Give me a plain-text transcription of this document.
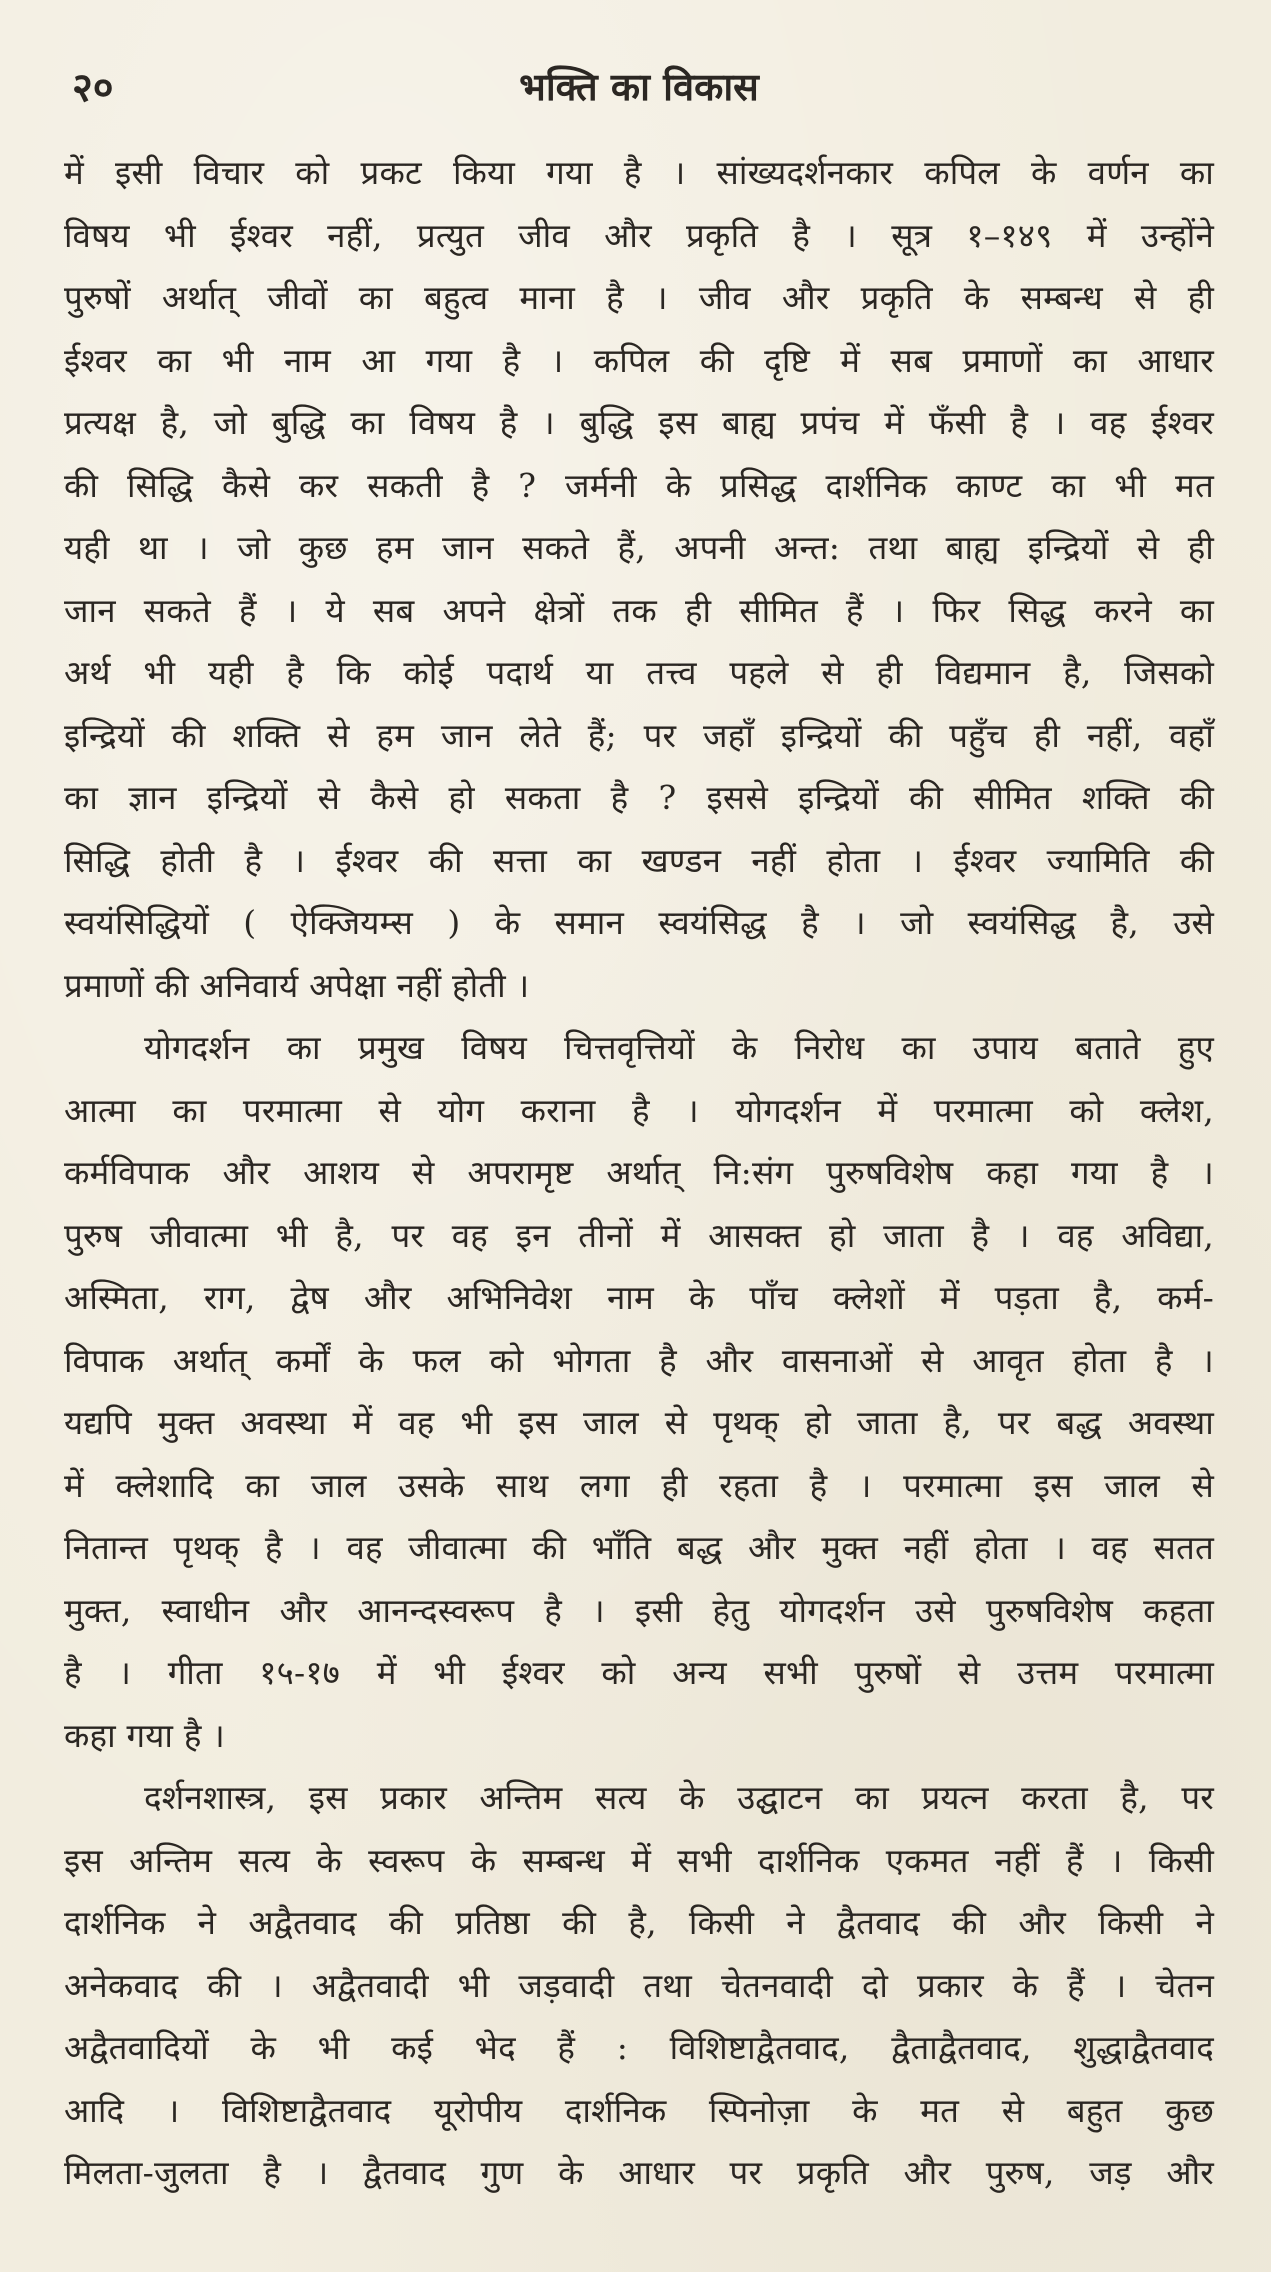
२०	भक्ति का विकास
में इसी विचार को प्रकट किया गया है । सांख्यदर्शनकार कपिल के वर्णन का
विषय भी ईश्वर नहीं, प्रत्युत जीव और प्रकृति है । सूत्र १–१४९ में उन्होंने
पुरुषों अर्थात् जीवों का बहुत्व माना है । जीव और प्रकृति के सम्बन्ध से ही
ईश्वर का भी नाम आ गया है । कपिल की दृष्टि में सब प्रमाणों का आधार
प्रत्यक्ष है, जो बुद्धि का विषय है । बुद्धि इस बाह्य प्रपंच में फँसी है । वह ईश्वर
की सिद्धि कैसे कर सकती है ? जर्मनी के प्रसिद्ध दार्शनिक काण्ट का भी मत
यही था । जो कुछ हम जान सकते हैं, अपनी अन्त: तथा बाह्य इन्द्रियों से ही
जान सकते हैं । ये सब अपने क्षेत्रों तक ही सीमित हैं । फिर सिद्ध करने का
अर्थ भी यही है कि कोई पदार्थ या तत्त्व पहले से ही विद्यमान है, जिसको
इन्द्रियों की शक्ति से हम जान लेते हैं; पर जहाँ इन्द्रियों की पहुँच ही नहीं, वहाँ
का ज्ञान इन्द्रियों से कैसे हो सकता है ? इससे इन्द्रियों की सीमित शक्ति की
सिद्धि होती है । ईश्वर की सत्ता का खण्डन नहीं होता । ईश्वर ज्यामिति की
स्वयंसिद्धियों ( ऐक्जियम्स ) के समान स्वयंसिद्ध है । जो स्वयंसिद्ध है, उसे
प्रमाणों की अनिवार्य अपेक्षा नहीं होती ।
योगदर्शन का प्रमुख विषय चित्तवृत्तियों के निरोध का उपाय बताते हुए
आत्मा का परमात्मा से योग कराना है । योगदर्शन में परमात्मा को क्लेश,
कर्मविपाक और आशय से अपरामृष्ट अर्थात् नि:संग पुरुषविशेष कहा गया है ।
पुरुष जीवात्मा भी है, पर वह इन तीनों में आसक्त हो जाता है । वह अविद्या,
अस्मिता, राग, द्वेष और अभिनिवेश नाम के पाँच क्लेशों में पड़ता है, कर्म-
विपाक अर्थात् कर्मों के फल को भोगता है और वासनाओं से आवृत होता है ।
यद्यपि मुक्त अवस्था में वह भी इस जाल से पृथक् हो जाता है, पर बद्ध अवस्था
में क्लेशादि का जाल उसके साथ लगा ही रहता है । परमात्मा इस जाल से
नितान्त पृथक् है । वह जीवात्मा की भाँति बद्ध और मुक्त नहीं होता । वह सतत
मुक्त, स्वाधीन और आनन्दस्वरूप है । इसी हेतु योगदर्शन उसे पुरुषविशेष कहता
है । गीता १५-१७ में भी ईश्वर को अन्य सभी पुरुषों से उत्तम परमात्मा
कहा गया है ।
दर्शनशास्त्र, इस प्रकार अन्तिम सत्य के उद्घाटन का प्रयत्न करता है, पर
इस अन्तिम सत्य के स्वरूप के सम्बन्ध में सभी दार्शनिक एकमत नहीं हैं । किसी
दार्शनिक ने अद्वैतवाद की प्रतिष्ठा की है, किसी ने द्वैतवाद की और किसी ने
अनेकवाद की । अद्वैतवादी भी जड़वादी तथा चेतनवादी दो प्रकार के हैं । चेतन
अद्वैतवादियों के भी कई भेद हैं : विशिष्टाद्वैतवाद, द्वैताद्वैतवाद, शुद्धाद्वैतवाद
आदि । विशिष्टाद्वैतवाद यूरोपीय दार्शनिक स्पिनोज़ा के मत से बहुत कुछ
मिलता-जुलता है । द्वैतवाद गुण के आधार पर प्रकृति और पुरुष, जड़ और
